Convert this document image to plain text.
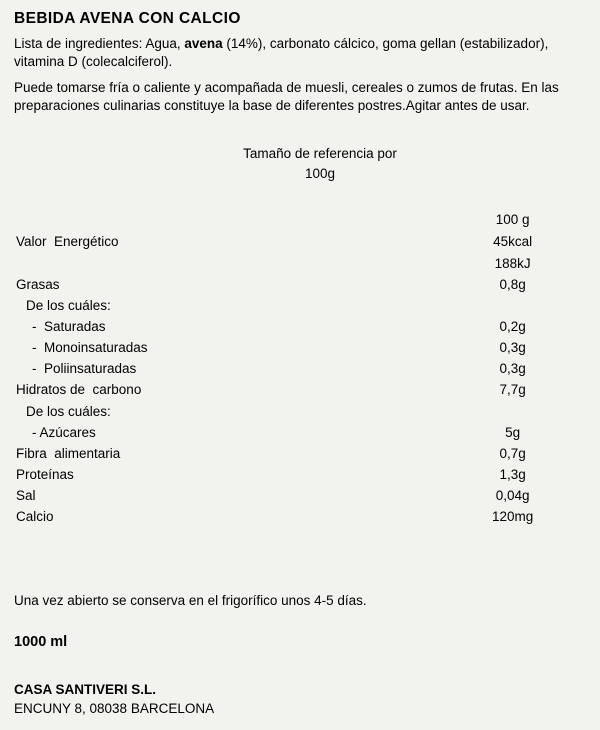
BEBIDA AVENA CON CALCIO

Lista de ingredientes: Agua, avena (14%), carbonato cálcico, goma gellan (estabilizador), vitamina D (colecalciferol).

Puede tomarse fría o caliente y acompañada de muesli, cereales o zumos de frutas. En las preparaciones culinarias constituye la base de diferentes postres.Agitar antes de usar.

Tamaño de referencia por
100g
	100 g
Valor  Energético	45kcal
	188kJ
Grasas	0,8g
De los cuáles:	
-  Saturadas	0,2g
-  Monoinsaturadas	0,3g
-  Poliinsaturadas	0,3g
Hidratos de  carbono	7,7g
De los cuáles:	
- Azúcares	5g
Fibra  alimentaria	0,7g
Proteínas	1,3g
Sal	0,04g
Calcio	120mg
Una vez abierto se conserva en el frigorífico unos 4-5 días.
1000 ml
CASA SANTIVERI S.L.
ENCUNY 8, 08038 BARCELONA
